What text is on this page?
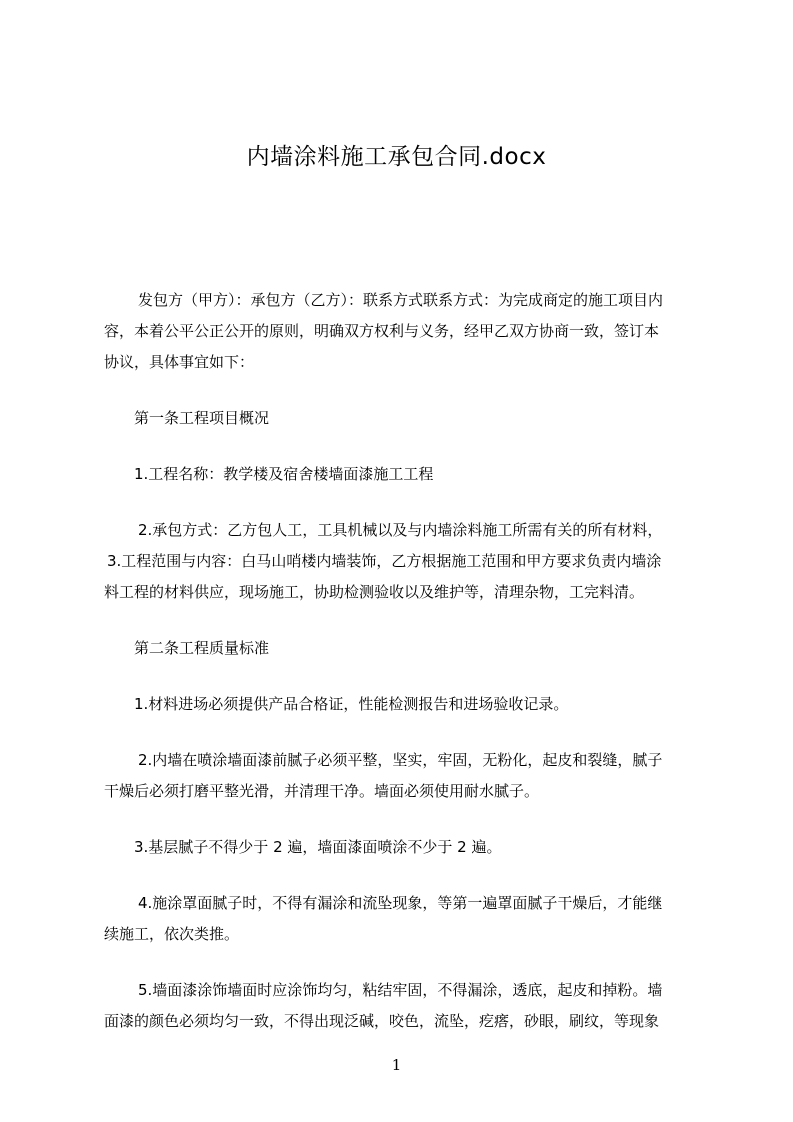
内墙涂料施工承包合同.docx
发包方（甲方）：承包方（乙方）：联系方式联系方式：为完成商定的施工项目内
容，本着公平公正公开的原则，明确双方权利与义务，经甲乙双方协商一致，签订本
协议，具体事宜如下：
第一条工程项目概况
1.工程名称：教学楼及宿舍楼墙面漆施工工程
2.承包方式：乙方包人工，工具机械以及与内墙涂料施工所需有关的所有材料，
3.工程范围与内容：白马山哨楼内墙装饰，乙方根据施工范围和甲方要求负责内墙涂
料工程的材料供应，现场施工，协助检测验收以及维护等，清理杂物，工完料清。
第二条工程质量标准
1.材料进场必须提供产品合格证，性能检测报告和进场验收记录。
2.内墙在喷涂墙面漆前腻子必须平整，坚实，牢固，无粉化，起皮和裂缝，腻子
干燥后必须打磨平整光滑，并清理干净。墙面必须使用耐水腻子。
3.基层腻子不得少于 2 遍，墙面漆面喷涂不少于 2 遍。
4.施涂罩面腻子时，不得有漏涂和流坠现象，等第一遍罩面腻子干燥后，才能继
续施工，依次类推。
5.墙面漆涂饰墙面时应涂饰均匀，粘结牢固，不得漏涂，透底，起皮和掉粉。墙
面漆的颜色必须均匀一致，不得出现泛碱，咬色，流坠，疙瘩，砂眼，刷纹，等现象
1
